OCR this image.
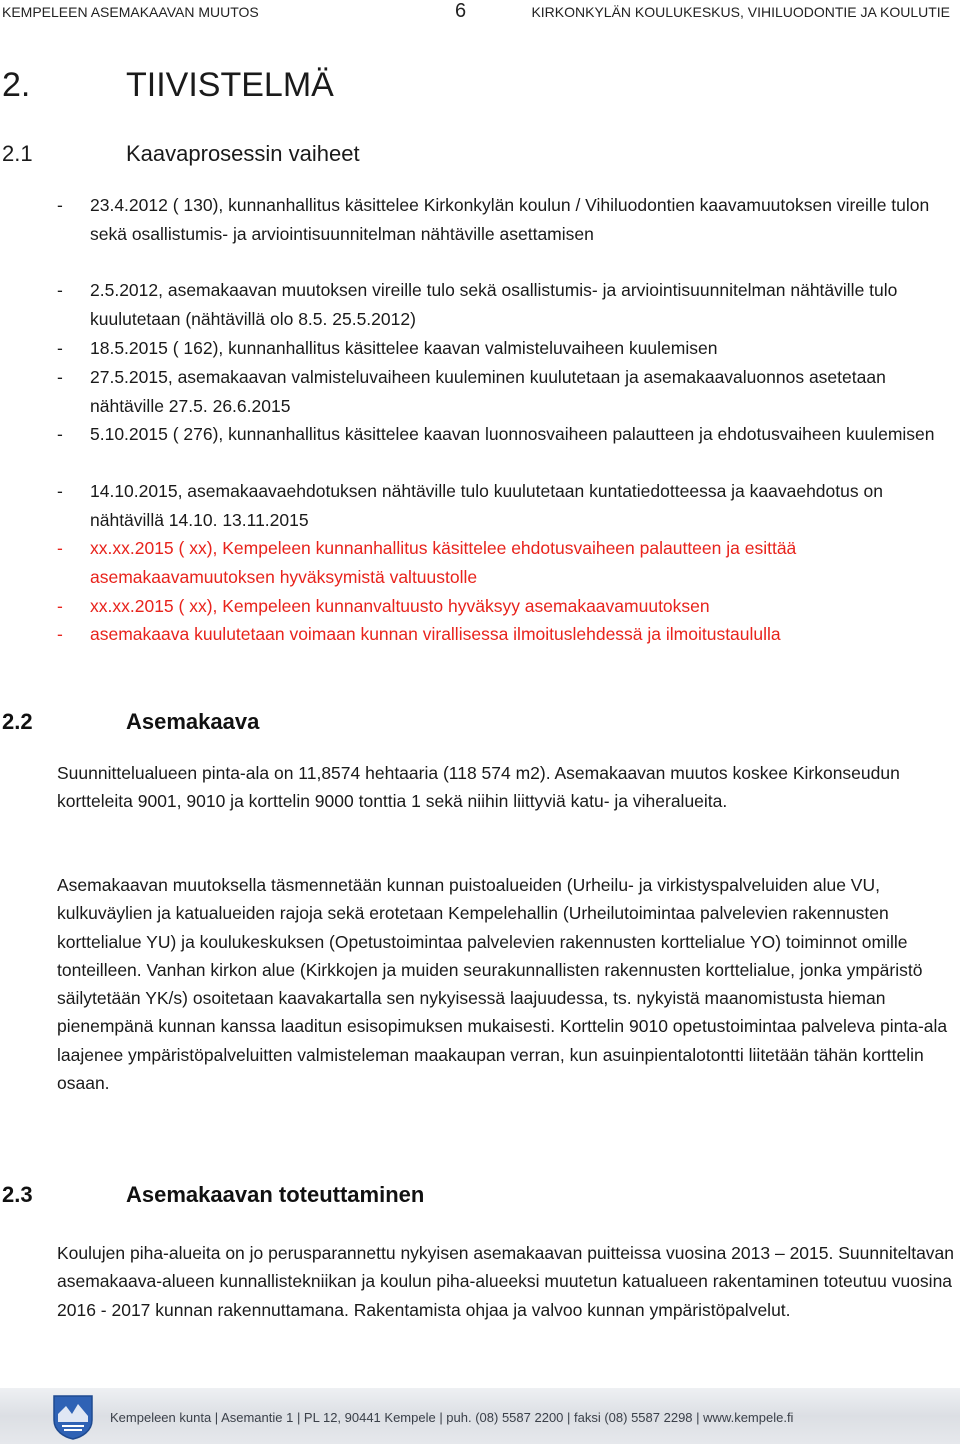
KEMPELEEN ASEMAKAAVAN MUUTOS	6	KIRKONKYLÄN KOULUKESKUS, VIHILUODONTIE JA KOULUTIE
2.	TIIVISTELMÄ
2.1	Kaavaprosessin vaiheet
-	23.4.2012 ( 130), kunnanhallitus käsittelee Kirkonkylän koulun / Vihiluodontien kaavamuutoksen vireille tulon sekä osallistumis- ja arviointisuunnitelman nähtäville asettamisen
-	2.5.2012, asemakaavan muutoksen vireille tulo sekä osallistumis- ja arviointisuunnitelman nähtäville tulo kuulutetaan (nähtävillä olo 8.5. 25.5.2012)
-	18.5.2015 ( 162), kunnanhallitus käsittelee kaavan valmisteluvaiheen kuulemisen
-	27.5.2015, asemakaavan valmisteluvaiheen kuuleminen kuulutetaan ja asemakaavaluonnos asetetaan nähtäville 27.5. 26.6.2015
-	5.10.2015 ( 276), kunnanhallitus käsittelee kaavan luonnosvaiheen palautteen ja ehdotusvaiheen kuulemisen
-	14.10.2015, asemakaavaehdotuksen nähtäville tulo kuulutetaan kuntatiedotteessa ja kaavaehdotus on nähtävillä 14.10. 13.11.2015
-	xx.xx.2015 ( xx), Kempeleen kunnanhallitus käsittelee ehdotusvaiheen palautteen ja esittää asemakaavamuutoksen hyväksymistä valtuustolle
-	xx.xx.2015 ( xx), Kempeleen kunnanvaltuusto hyväksyy asemakaavamuutoksen
-	asemakaava kuulutetaan voimaan kunnan virallisessa ilmoituslehdessä ja ilmoitustaululla
2.2	Asemakaava
Suunnittelualueen pinta-ala on 11,8574 hehtaaria (118 574 m2). Asemakaavan muutos koskee Kirkonseudun kortteleita 9001, 9010 ja korttelin 9000 tonttia 1 sekä niihin liittyviä katu- ja viheralueita.
Asemakaavan muutoksella täsmennetään kunnan puistoalueiden (Urheilu- ja virkistyspalveluiden alue VU, kulkuväylien ja katualueiden rajoja sekä erotetaan Kempelehallin (Urheilutoimintaa palvelevien rakennusten korttelialue YU) ja koulukeskuksen (Opetustoimintaa palvelevien rakennusten korttelialue YO) toiminnot omille tonteilleen. Vanhan kirkon alue (Kirkkojen ja muiden seurakunnallisten rakennusten korttelialue, jonka ympäristö säilytetään YK/s) osoitetaan kaavakartalla sen nykyisessä laajuudessa, ts. nykyistä maanomistusta hieman pienempänä kunnan kanssa laaditun esisopimuksen mukaisesti. Korttelin 9010 opetustoimintaa palveleva pinta-ala laajenee ympäristöpalveluitten valmisteleman maakaupan verran, kun asuinpientalotontti liitetään tähän korttelin osaan.
2.3	Asemakaavan toteuttaminen
Koulujen piha-alueita on jo perusparannettu nykyisen asemakaavan puitteissa vuosina 2013 – 2015. Suunniteltavan asemakaava-alueen kunnallistekniikan ja koulun piha-alueeksi muutetun katualueen rakentaminen toteutuu vuosina 2016 - 2017 kunnan rakennuttamana. Rakentamista ohjaa ja valvoo kunnan ympäristöpalvelut.
Kempeleen kunta | Asemantie 1 | PL 12, 90441 Kempele | puh. (08) 5587 2200 | faksi (08) 5587 2298 | www.kempele.fi
